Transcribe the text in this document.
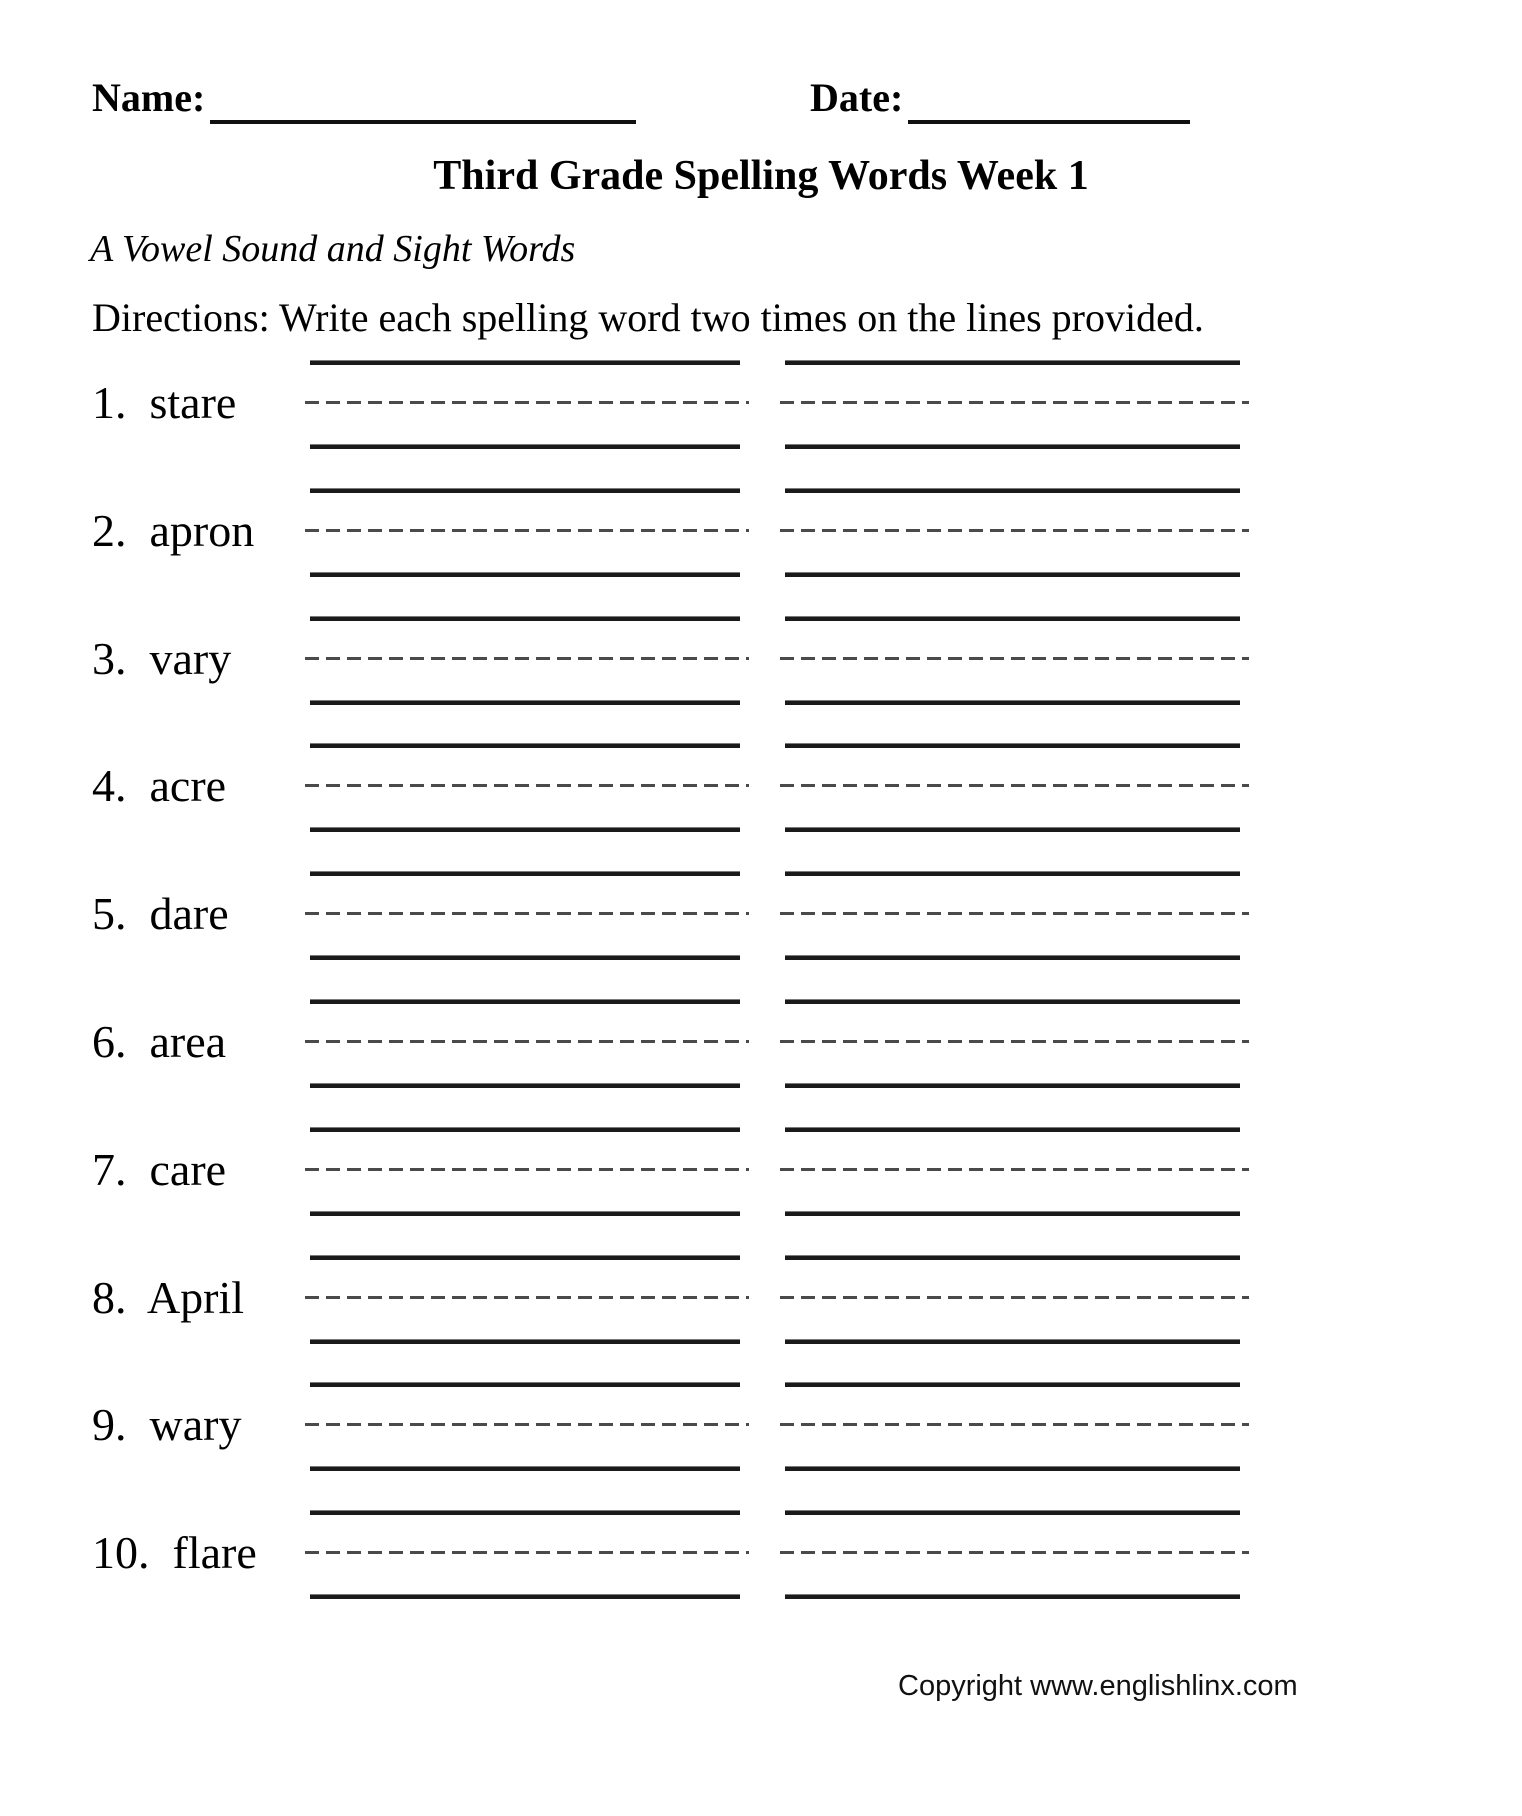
Name:	Date:
Third Grade Spelling Words Week 1
A Vowel Sound and Sight Words
Directions: Write each spelling word two times on the lines provided.
1.  stare
2.  apron
3.  vary
4.  acre
5.  dare
6.  area
7.  care
8.  April
9.  wary
10.  flare
Copyright www.englishlinx.com
